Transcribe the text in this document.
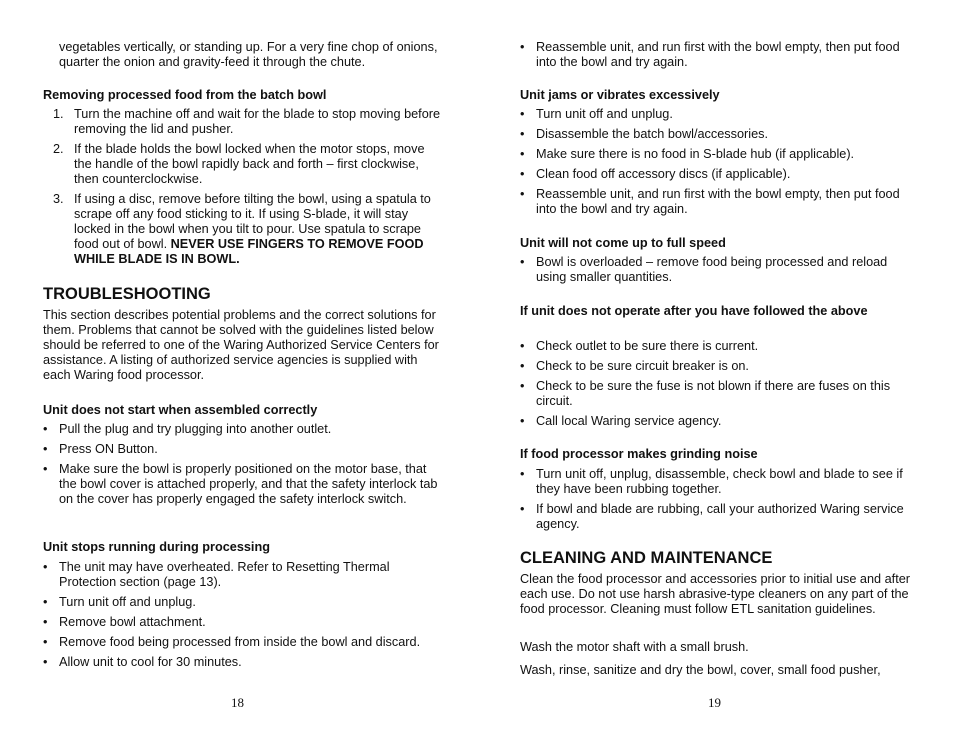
vegetables vertically, or standing up. For a very fine chop of onions, quarter the onion and gravity-feed it through the chute.

Removing processed food from the batch bowl

1. Turn the machine off and wait for the blade to stop moving before removing the lid and pusher.
2. If the blade holds the bowl locked when the motor stops, move the handle of the bowl rapidly back and forth – first clockwise, then counterclockwise.
3. If using a disc, remove before tilting the bowl, using a spatula to scrape off any food sticking to it. If using S-blade, it will stay locked in the bowl when you tilt to pour. Use spatula to scrape food out of bowl. NEVER USE FINGERS TO REMOVE FOOD WHILE BLADE IS IN BOWL.

TROUBLESHOOTING

This section describes potential problems and the correct solutions for them. Problems that cannot be solved with the guidelines listed below should be referred to one of the Waring Authorized Service Centers for assistance. A listing of authorized service agencies is supplied with each Waring food processor.

Unit does not start when assembled correctly

• Pull the plug and try plugging into another outlet.
• Press ON Button.
• Make sure the bowl is properly positioned on the motor base, that the bowl cover is attached properly, and that the safety interlock tab on the cover has properly engaged the safety interlock switch.

Unit stops running during processing

• The unit may have overheated. Refer to Resetting Thermal Protection section (page 13).
• Turn unit off and unplug.
• Remove bowl attachment.
• Remove food being processed from inside the bowl and discard.
• Allow unit to cool for 30 minutes.
18
• Reassemble unit, and run first with the bowl empty, then put food into the bowl and try again.

Unit jams or vibrates excessively

• Turn unit off and unplug.
• Disassemble the batch bowl/accessories.
• Make sure there is no food in S-blade hub (if applicable).
• Clean food off accessory discs (if applicable).
• Reassemble unit, and run first with the bowl empty, then put food into the bowl and try again.

Unit will not come up to full speed

• Bowl is overloaded – remove food being processed and reload using smaller quantities.

If unit does not operate after you have followed the above

• Check outlet to be sure there is current.
• Check to be sure circuit breaker is on.
• Check to be sure the fuse is not blown if there are fuses on this circuit.
• Call local Waring service agency.

If food processor makes grinding noise

• Turn unit off, unplug, disassemble, check bowl and blade to see if they have been rubbing together.
• If bowl and blade are rubbing, call your authorized Waring service agency.

CLEANING AND MAINTENANCE

Clean the food processor and accessories prior to initial use and after each use. Do not use harsh abrasive-type cleaners on any part of the food processor. Cleaning must follow ETL sanitation guidelines.

Wash the motor shaft with a small brush.

Wash, rinse, sanitize and dry the bowl, cover, small food pusher,

19
